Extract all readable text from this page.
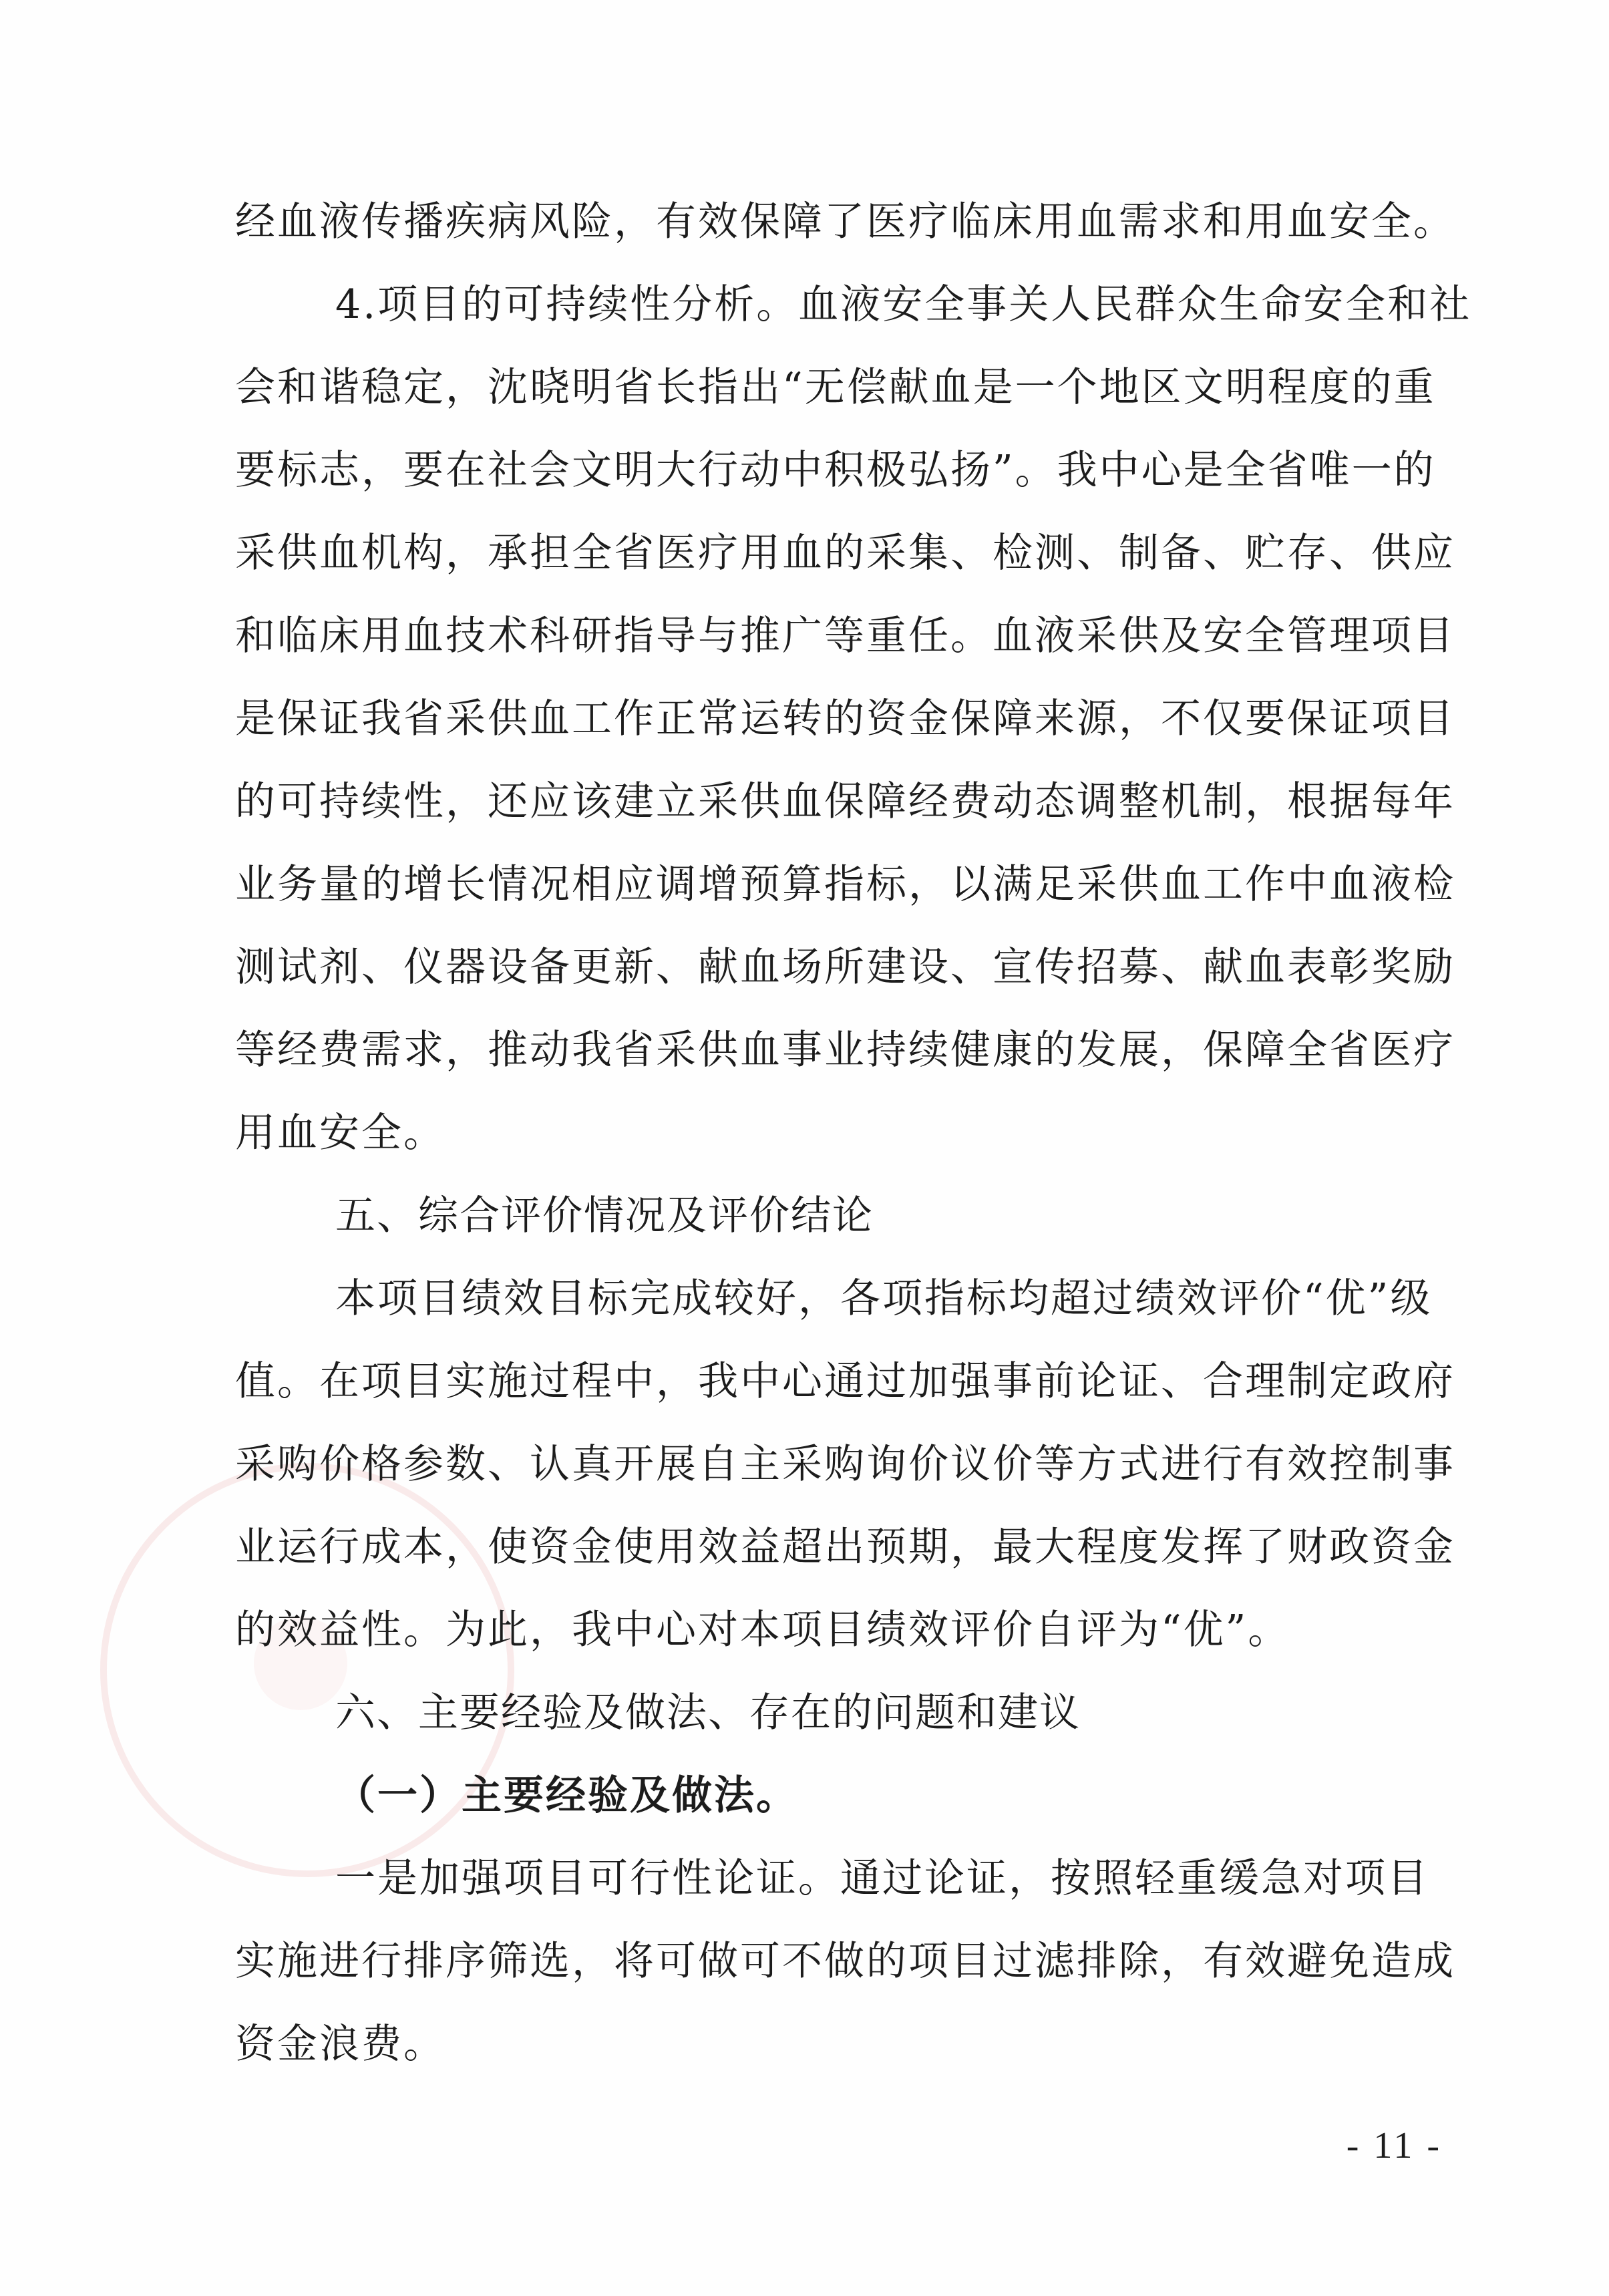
经血液传播疾病风险，有效保障了医疗临床用血需求和用血安全。
4.项目的可持续性分析。血液安全事关人民群众生命安全和社
会和谐稳定，沈晓明省长指出“无偿献血是一个地区文明程度的重
要标志，要在社会文明大行动中积极弘扬”。我中心是全省唯一的
采供血机构，承担全省医疗用血的采集、检测、制备、贮存、供应
和临床用血技术科研指导与推广等重任。血液采供及安全管理项目
是保证我省采供血工作正常运转的资金保障来源，不仅要保证项目
的可持续性，还应该建立采供血保障经费动态调整机制，根据每年
业务量的增长情况相应调增预算指标，以满足采供血工作中血液检
测试剂、仪器设备更新、献血场所建设、宣传招募、献血表彰奖励
等经费需求，推动我省采供血事业持续健康的发展，保障全省医疗
用血安全。
五、综合评价情况及评价结论
本项目绩效目标完成较好，各项指标均超过绩效评价“优”级
值。在项目实施过程中，我中心通过加强事前论证、合理制定政府
采购价格参数、认真开展自主采购询价议价等方式进行有效控制事
业运行成本，使资金使用效益超出预期，最大程度发挥了财政资金
的效益性。为此，我中心对本项目绩效评价自评为“优”。
六、主要经验及做法、存在的问题和建议
（一）主要经验及做法。
一是加强项目可行性论证。通过论证，按照轻重缓急对项目
实施进行排序筛选，将可做可不做的项目过滤排除，有效避免造成
资金浪费。
- 11 -
